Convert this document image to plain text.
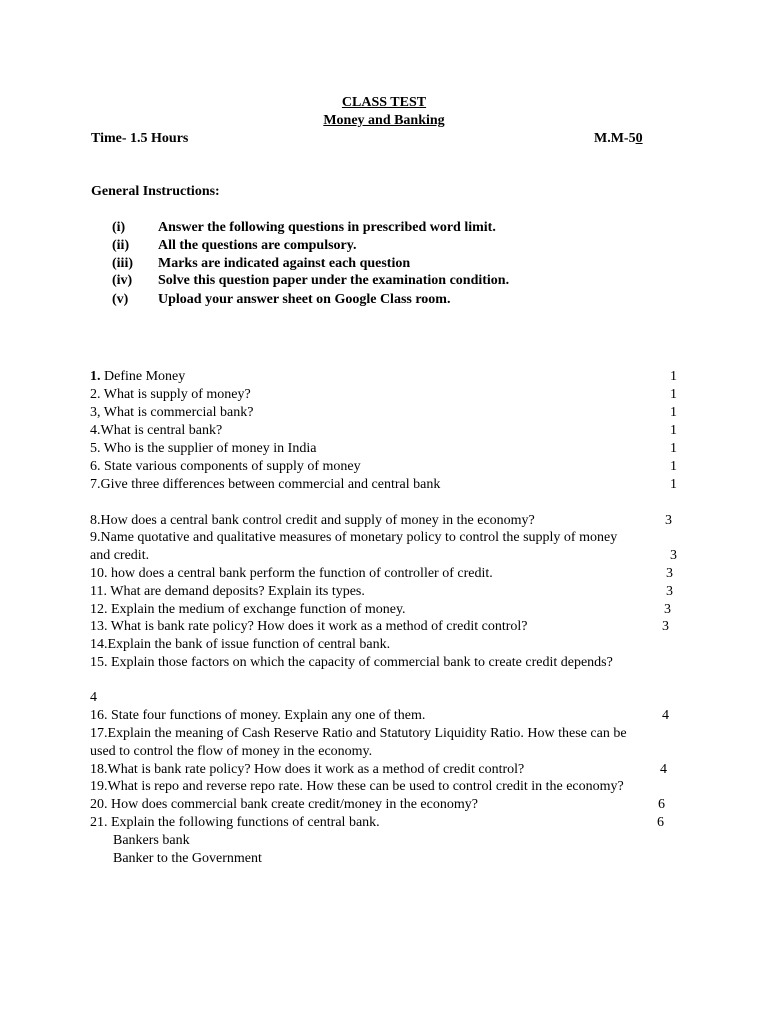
CLASS TEST
Money and Banking
Time- 1.5 Hours	M.M-50
General Instructions:
(i) Answer the following questions in prescribed word limit.
(ii) All the questions are compulsory.
(iii) Marks are indicated against each question
(iv) Solve this question paper under the examination condition.
(v) Upload your answer sheet on Google Class room.
1. Define Money	1
2. What is supply of money?	1
3, What is commercial bank?	1
4.What is central bank?	1
5. Who is the supplier of money in India	1
6. State various components of supply of money	1
7.Give three differences between commercial and central bank	1
8.How does a central bank control credit and supply of money in the economy?	3
9.Name quotative and qualitative measures of monetary policy to control the supply of money
and credit.	3
10. how does a central bank perform the function of controller of credit.	3
11. What are demand deposits? Explain its types.	3
12. Explain the medium of exchange function of money.	3
13. What is bank rate policy? How does it work as a method of credit control?	3
14.Explain the bank of issue function of central bank.
15. Explain those factors on which the capacity of commercial bank to create credit depends?
4
16. State four functions of money. Explain any one of them.	4
17.Explain the meaning of Cash Reserve Ratio and Statutory Liquidity Ratio. How these can be
used to control the flow of money in the economy.
18.What is bank rate policy? How does it work as a method of credit control?	4
19.What is repo and reverse repo rate. How these can be used to control credit in the economy?
20. How does commercial bank create credit/money in the economy?	6
21. Explain the following functions of central bank.	6
Bankers bank
Banker to the Government
